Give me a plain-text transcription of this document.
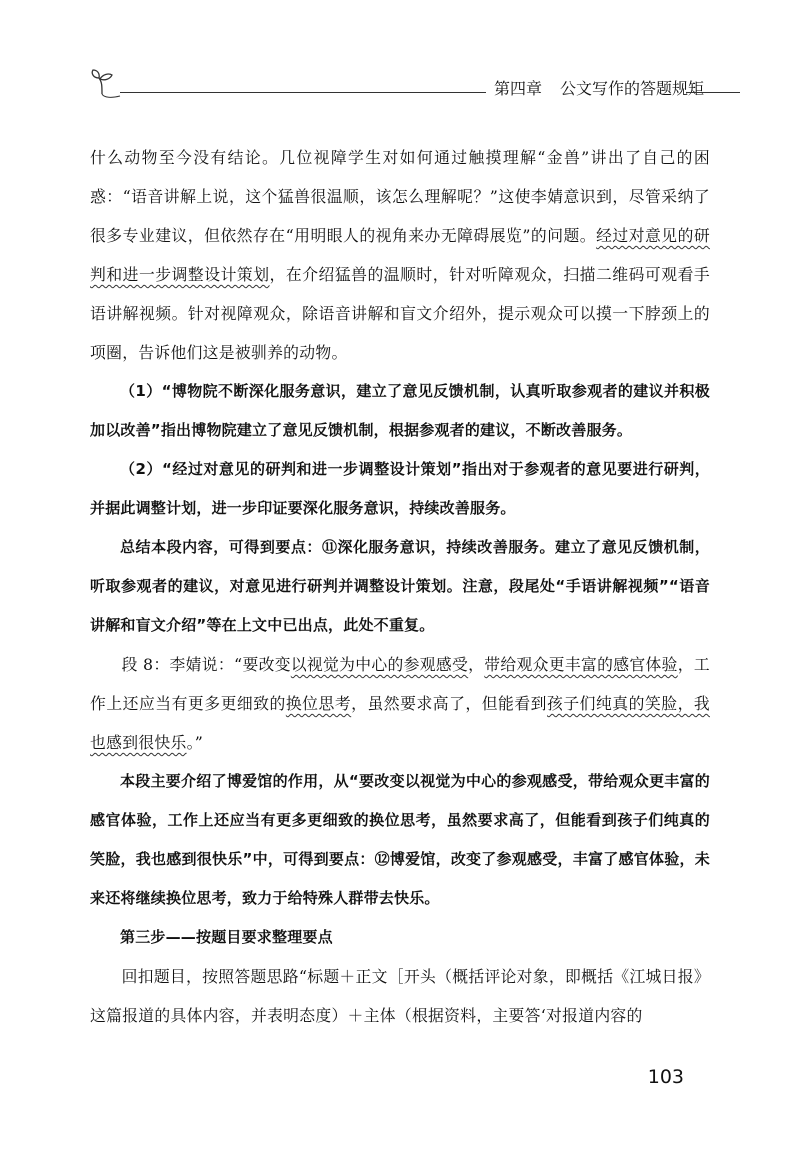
第四章 公文写作的答题规矩

什么动物至今没有结论。几位视障学生对如何通过触摸理解“金兽”讲出了自己的困惑：“语音讲解上说，这个猛兽很温顺，该怎么理解呢？”这使李婧意识到，尽管采纳了很多专业建议，但依然存在“用明眼人的视角来办无障碍展览”的问题。经过对意见的研判和进一步调整设计策划，在介绍猛兽的温顺时，针对听障观众，扫描二维码可观看手语讲解视频。针对视障观众，除语音讲解和盲文介绍外，提示观众可以摸一下脖颈上的项圈，告诉他们这是被驯养的动物。

（1）“博物院不断深化服务意识，建立了意见反馈机制，认真听取参观者的建议并积极加以改善”指出博物院建立了意见反馈机制，根据参观者的建议，不断改善服务。

（2）“经过对意见的研判和进一步调整设计策划”指出对于参观者的意见要进行研判，并据此调整计划，进一步印证要深化服务意识，持续改善服务。

总结本段内容，可得到要点：⑪深化服务意识，持续改善服务。建立了意见反馈机制，听取参观者的建议，对意见进行研判并调整设计策划。注意，段尾处“手语讲解视频”“语音讲解和盲文介绍”等在上文中已出点，此处不重复。

段 8：李婧说：“要改变以视觉为中心的参观感受，带给观众更丰富的感官体验，工作上还应当有更多更细致的换位思考，虽然要求高了，但能看到孩子们纯真的笑脸，我也感到很快乐。”

本段主要介绍了博爱馆的作用，从“要改变以视觉为中心的参观感受，带给观众更丰富的感官体验，工作上还应当有更多更细致的换位思考，虽然要求高了，但能看到孩子们纯真的笑脸，我也感到很快乐”中，可得到要点：⑫博爱馆，改变了参观感受，丰富了感官体验，未来还将继续换位思考，致力于给特殊人群带去快乐。

第三步——按题目要求整理要点

回扣题目，按照答题思路“标题＋正文［开头（概括评论对象，即概括《江城日报》这篇报道的具体内容，并表明态度）＋主体（根据资料，主要答‘对报道内容的

103
